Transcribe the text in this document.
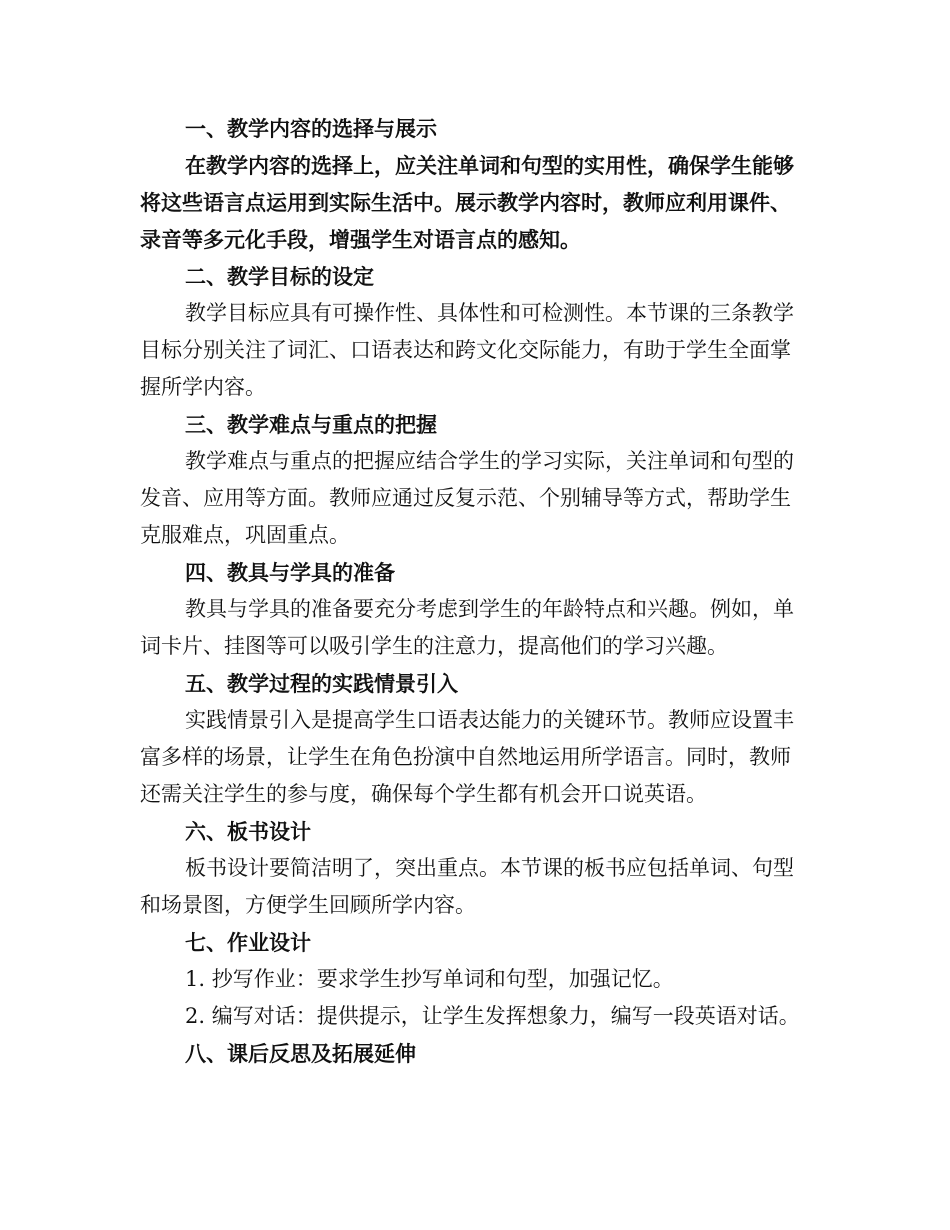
一、教学内容的选择与展示

在教学内容的选择上，应关注单词和句型的实用性，确保学生能够将这些语言点运用到实际生活中。展示教学内容时，教师应利用课件、录音等多元化手段，增强学生对语言点的感知。

二、教学目标的设定

教学目标应具有可操作性、具体性和可检测性。本节课的三条教学目标分别关注了词汇、口语表达和跨文化交际能力，有助于学生全面掌握所学内容。

三、教学难点与重点的把握

教学难点与重点的把握应结合学生的学习实际，关注单词和句型的发音、应用等方面。教师应通过反复示范、个别辅导等方式，帮助学生克服难点，巩固重点。

四、教具与学具的准备

教具与学具的准备要充分考虑到学生的年龄特点和兴趣。例如，单词卡片、挂图等可以吸引学生的注意力，提高他们的学习兴趣。

五、教学过程的实践情景引入

实践情景引入是提高学生口语表达能力的关键环节。教师应设置丰富多样的场景，让学生在角色扮演中自然地运用所学语言。同时，教师还需关注学生的参与度，确保每个学生都有机会开口说英语。

六、板书设计

板书设计要简洁明了，突出重点。本节课的板书应包括单词、句型和场景图，方便学生回顾所学内容。

七、作业设计

1. 抄写作业：要求学生抄写单词和句型，加强记忆。

2. 编写对话：提供提示，让学生发挥想象力，编写一段英语对话。

八、课后反思及拓展延伸
